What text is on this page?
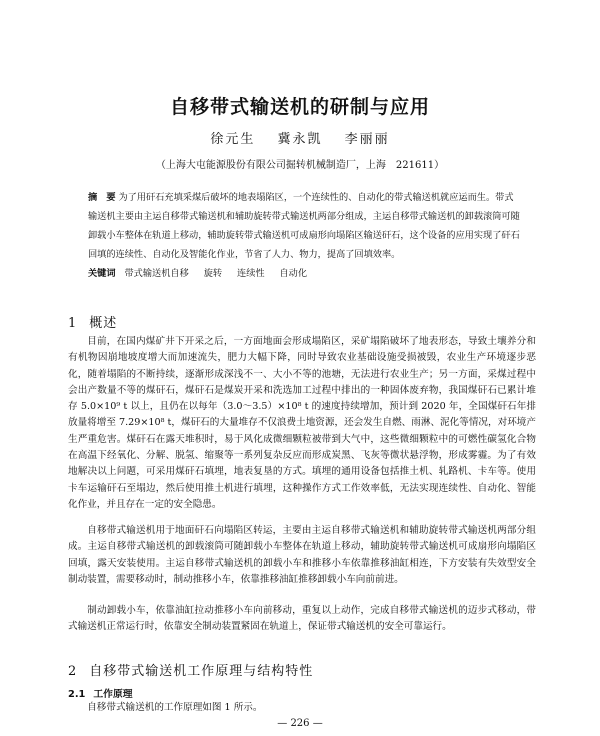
自移带式输送机的研制与应用
徐元生 冀永凯 李丽丽
（上海大屯能源股份有限公司掘转机械制造厂，上海　221611）
摘　要 为了用矸石充填采煤后破坏的地表塌陷区，一个连续性的、自动化的带式输送机就应运而生。带式输送机主要由主运自移带式输送机和辅助旋转带式输送机两部分组成，主运自移带式输送机的卸载滚筒可随卸载小车整体在轨道上移动，辅助旋转带式输送机可成扇形向塌陷区输送矸石，这个设备的应用实现了矸石回填的连续性、自动化及智能化作业，节省了人力、物力，提高了回填效率。
关键词 带式输送机自移 旋转 连续性 自动化
1 概述
目前，在国内煤矿井下开采之后，一方面地面会形成塌陷区，采矿塌陷破坏了地表形态，导致土壤养分和有机物因崩地坡度增大而加速流失，肥力大幅下降，同时导致农业基础设施受损被毁，农业生产环境逐步恶化，随着塌陷的不断持续，逐渐形成深浅不一、大小不等的池塘，无法进行农业生产；另一方面，采煤过程中会出产数量不等的煤矸石，煤矸石是煤炭开采和洗选加工过程中排出的一种固体废弃物，我国煤矸石已累计堆存 5.0×10⁹ t 以上，且仍在以每年（3.0～3.5）×10⁸ t 的速度持续增加，预计到 2020 年，全国煤矸石年排放量将增至 7.29×10⁸ t，煤矸石的大量堆存不仅浪费土地资源，还会发生自燃、雨淋、泥化等情况，对环境产生严重危害。煤矸石在露天堆积时，易于风化成微细颗粒被带到大气中，这些微细颗粒中的可燃性碳氢化合物在高温下经氧化、分解、脱氢、缩聚等一系列复杂反应而形成炭黑、飞灰等微状悬浮物，形成雾霾。为了有效地解决以上问题，可采用煤矸石填埋，地表复垦的方式。填埋的通用设备包括推土机、轧路机、卡车等。使用卡车运输矸石至塌边，然后使用推土机进行填埋，这种操作方式工作效率低，无法实现连续性、自动化、智能化作业，并且存在一定的安全隐患。
自移带式输送机用于地面矸石向塌陷区转运，主要由主运自移带式输送机和辅助旋转带式输送机两部分组成。主运自移带式输送机的卸载滚筒可随卸载小车整体在轨道上移动，辅助旋转带式输送机可成扇形向塌陷区回填，露天安装使用。主运自移带式输送机的卸载小车和推移小车依靠推移油缸相连，下方安装有失效型安全制动装置，需要移动时，制动推移小车，依靠推移油缸推移卸载小车向前前进。
制动卸载小车，依靠油缸拉动推移小车向前移动，重复以上动作，完成自移带式输送机的迈步式移动，带式输送机正常运行时，依靠安全制动装置紧固在轨道上，保证带式输送机的安全可靠运行。
2 自移带式输送机工作原理与结构特性
2.1 工作原理
自移带式输送机的工作原理如图 1 所示。
— 226 —
